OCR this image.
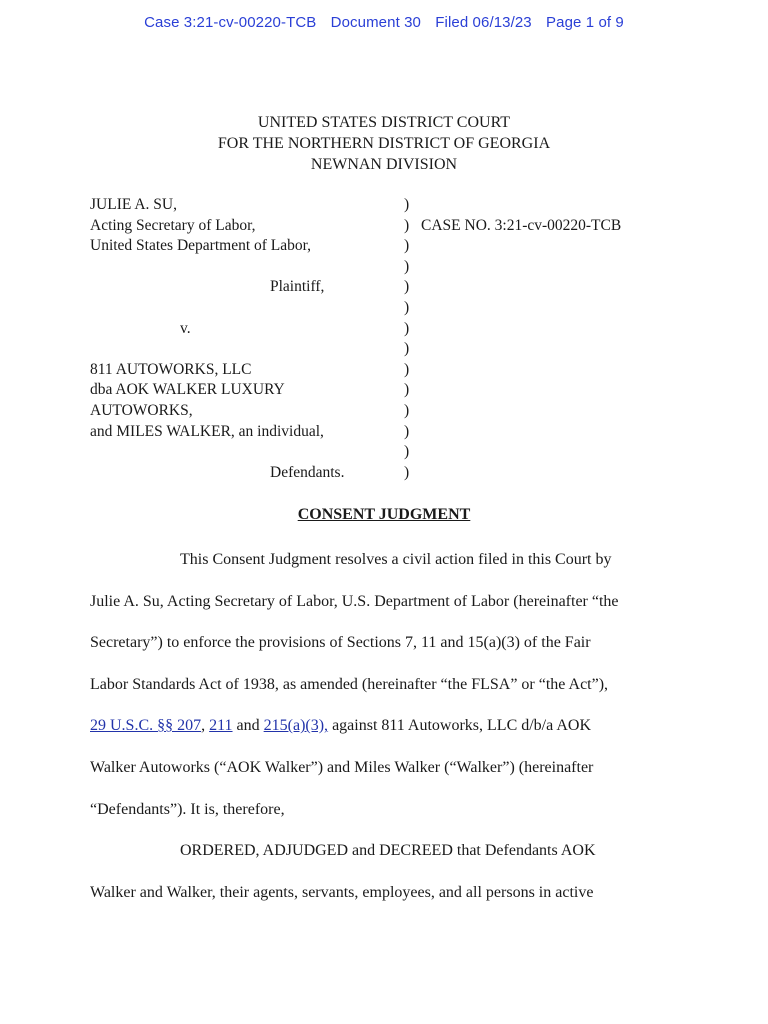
Case 3:21-cv-00220-TCB Document 30 Filed 06/13/23 Page 1 of 9
UNITED STATES DISTRICT COURT
FOR THE NORTHERN DISTRICT OF GEORGIA
NEWNAN DIVISION
JULIE A. SU,	)
Acting Secretary of Labor,	) CASE NO. 3:21-cv-00220-TCB
United States Department of Labor,	)
)
Plaintiff,	)
)
v.	)
)
811 AUTOWORKS, LLC	)
dba AOK WALKER LUXURY	)
AUTOWORKS,	)
and MILES WALKER, an individual,	)
)
Defendants.	)
CONSENT JUDGMENT
This Consent Judgment resolves a civil action filed in this Court by
Julie A. Su, Acting Secretary of Labor, U.S. Department of Labor (hereinafter “the
Secretary”) to enforce the provisions of Sections 7, 11 and 15(a)(3) of the Fair
Labor Standards Act of 1938, as amended (hereinafter “the FLSA” or “the Act”),
29 U.S.C. §§ 207, 211 and 215(a)(3), against 811 Autoworks, LLC d/b/a AOK
Walker Autoworks (“AOK Walker”) and Miles Walker (“Walker”) (hereinafter
“Defendants”). It is, therefore,
ORDERED, ADJUDGED and DECREED that Defendants AOK
Walker and Walker, their agents, servants, employees, and all persons in active
